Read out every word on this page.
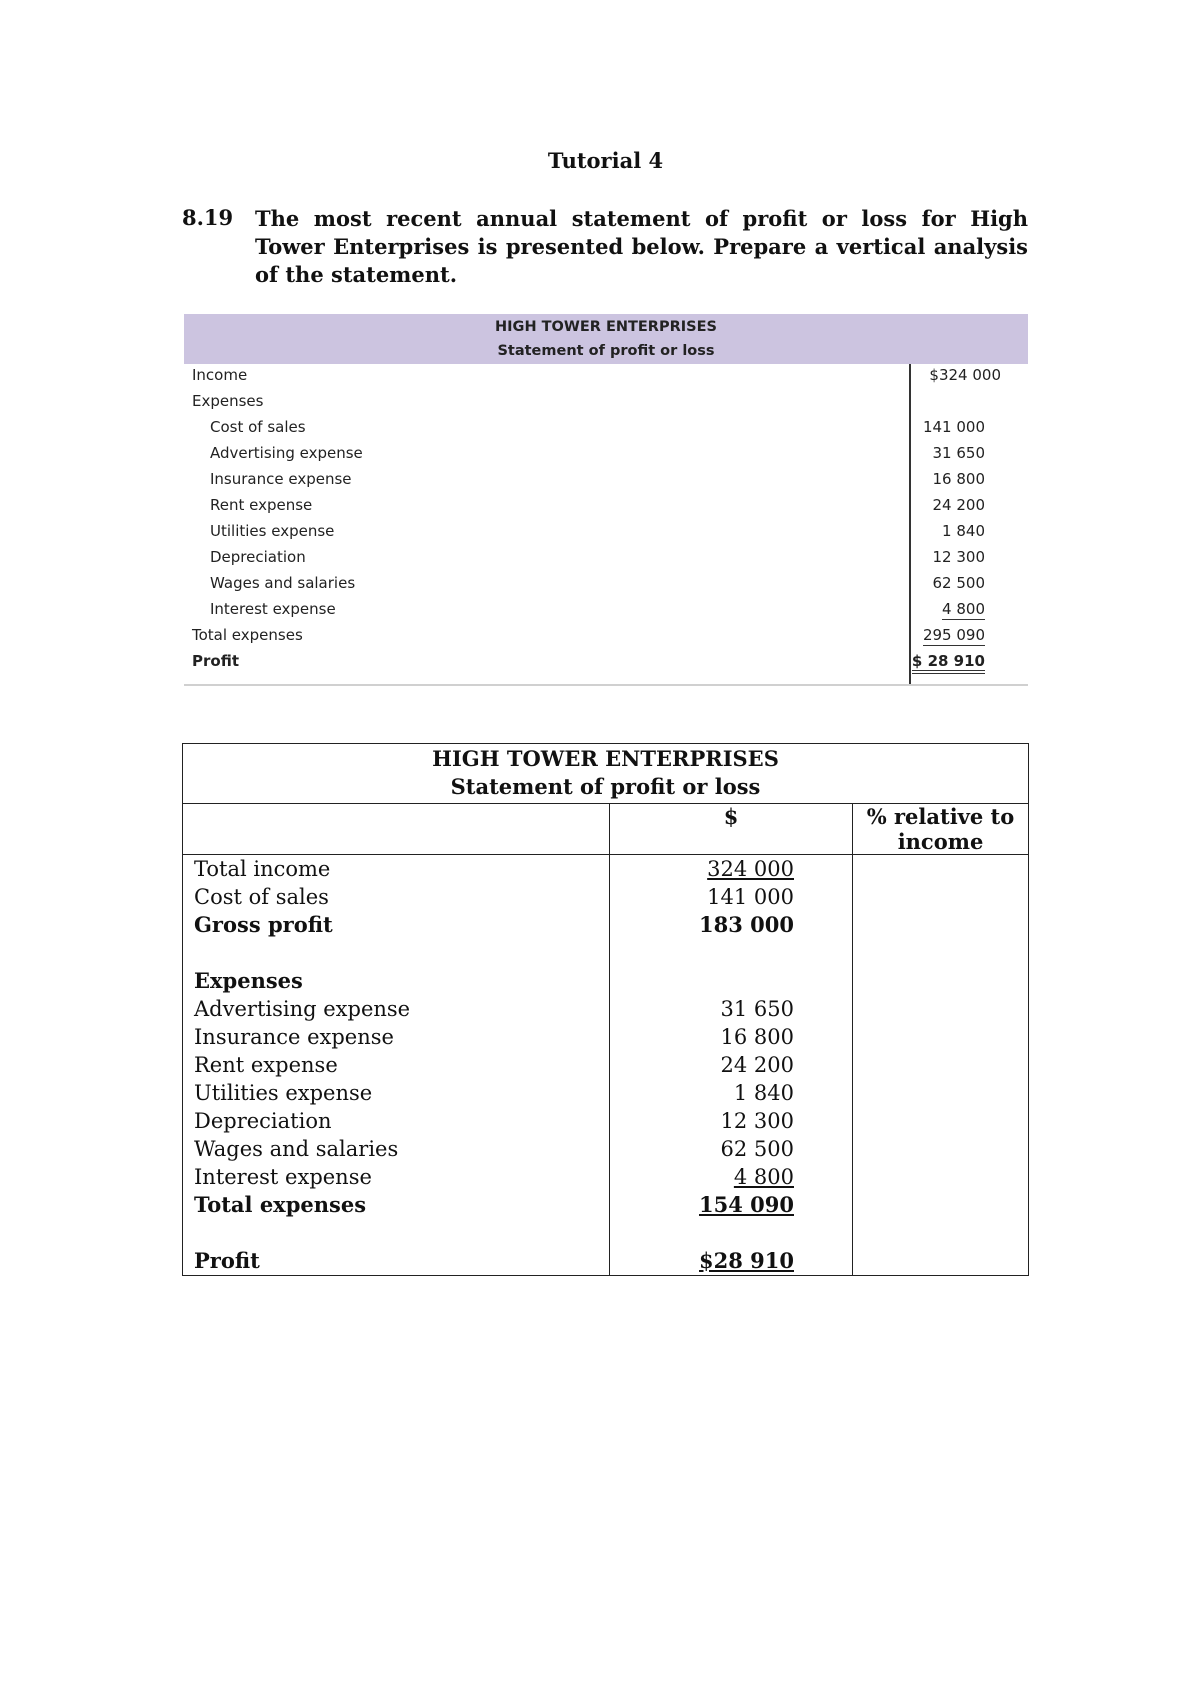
Tutorial 4
8.19 The most recent annual statement of profit or loss for High Tower Enterprises is presented below. Prepare a vertical analysis of the statement.
HIGH TOWER ENTERPRISES
Statement of profit or loss
Income	$324 000
Expenses
Cost of sales	141 000
Advertising expense	31 650
Insurance expense	16 800
Rent expense	24 200
Utilities expense	1 840
Depreciation	12 300
Wages and salaries	62 500
Interest expense	4 800
Total expenses	295 090
Profit	$ 28 910
HIGH TOWER ENTERPRISES
Statement of profit or loss		

	$	% relative to income
Total income	324 000	
Cost of sales	141 000	
Gross profit	183 000	

Expenses		
Advertising expense	31 650	
Insurance expense	16 800	
Rent expense	24 200	
Utilities expense	1 840	
Depreciation	12 300	
Wages and salaries	62 500	
Interest expense	4 800	
Total expenses	154 090	

Profit	$28 910	
